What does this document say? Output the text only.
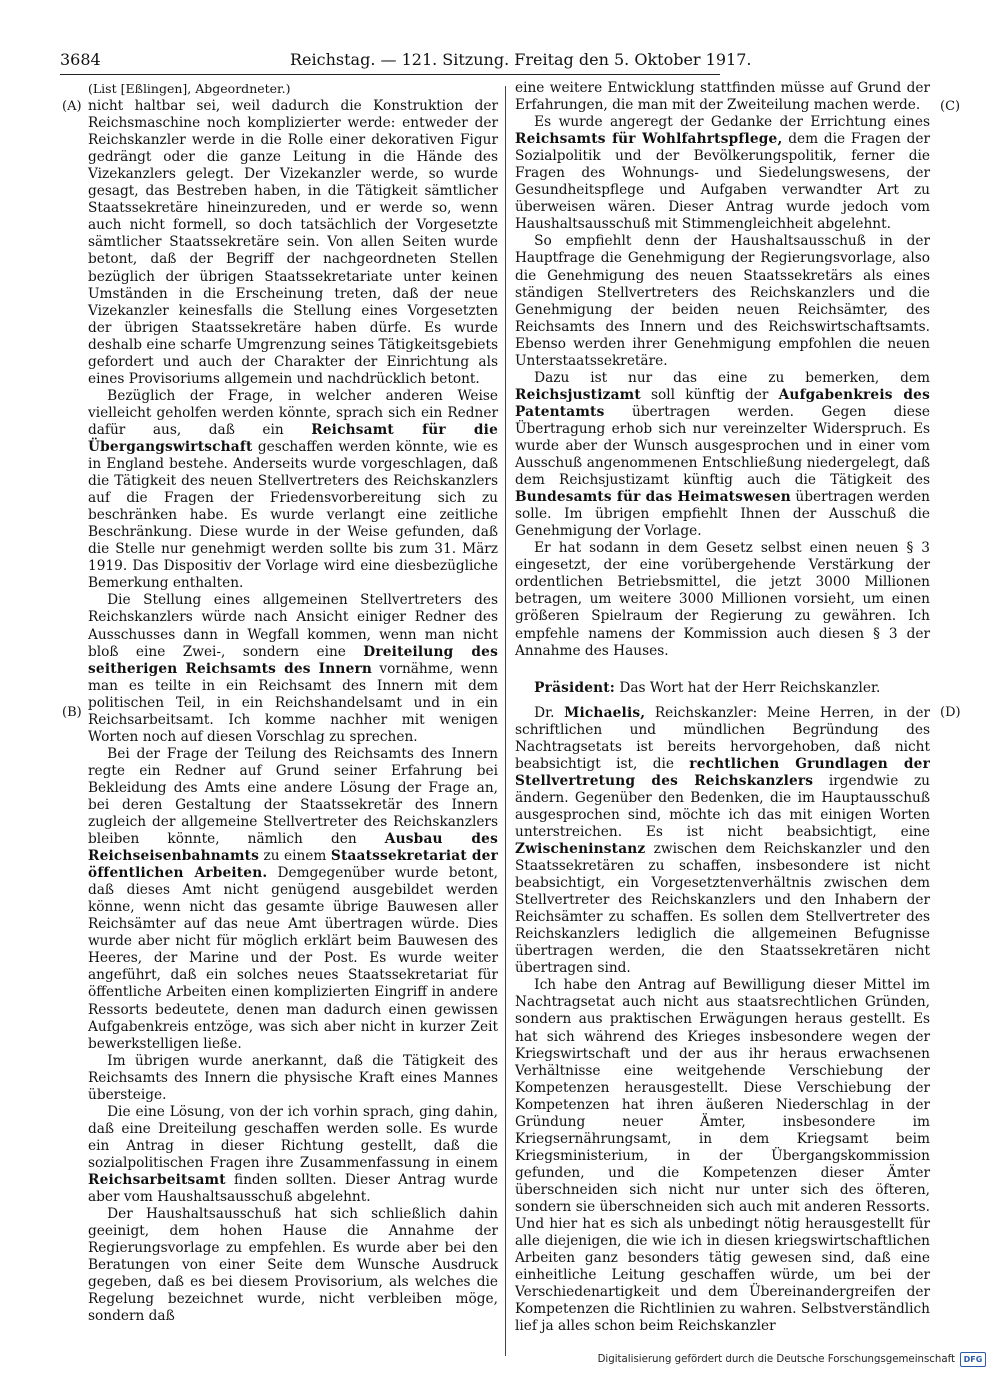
3684	Reichstag. — 121. Sitzung. Freitag den 5. Oktober 1917.
(A)
(B)
(C)
(D)

(List [Eßlingen], Abgeordneter.)

nicht haltbar sei, weil dadurch die Konstruktion der Reichsmaschine noch komplizierter werde: entweder der Reichskanzler werde in die Rolle einer dekorativen Figur gedrängt oder die ganze Leitung in die Hände des Vizekanzlers gelegt. Der Vizekanzler werde, so wurde gesagt, das Bestreben haben, in die Tätigkeit sämtlicher Staatssekretäre hineinzureden, und er werde so, wenn auch nicht formell, so doch tatsächlich der Vorgesetzte sämtlicher Staatssekretäre sein. Von allen Seiten wurde betont, daß der Begriff der nachgeordneten Stellen bezüglich der übrigen Staatssekretariate unter keinen Umständen in die Erscheinung treten, daß der neue Vizekanzler keinesfalls die Stellung eines Vorgesetzten der übrigen Staatssekretäre haben dürfe. Es wurde deshalb eine scharfe Umgrenzung seines Tätigkeitsgebiets gefordert und auch der Charakter der Einrichtung als eines Provisoriums allgemein und nachdrücklich betont.

Bezüglich der Frage, in welcher anderen Weise vielleicht geholfen werden könnte, sprach sich ein Redner dafür aus, daß ein Reichsamt für die Übergangswirtschaft geschaffen werden könnte, wie es in England bestehe. Anderseits wurde vorgeschlagen, daß die Tätigkeit des neuen Stellvertreters des Reichskanzlers auf die Fragen der Friedensvorbereitung sich zu beschränken habe. Es wurde verlangt eine zeitliche Beschränkung. Diese wurde in der Weise gefunden, daß die Stelle nur genehmigt werden sollte bis zum 31. März 1919. Das Dispositiv der Vorlage wird eine diesbezügliche Bemerkung enthalten.

Die Stellung eines allgemeinen Stellvertreters des Reichskanzlers würde nach Ansicht einiger Redner des Ausschusses dann in Wegfall kommen, wenn man nicht bloß eine Zwei-, sondern eine Dreiteilung des seitherigen Reichsamts des Innern vornähme, wenn man es teilte in ein Reichsamt des Innern mit dem politischen Teil, in ein Reichshandelsamt und in ein Reichsarbeitsamt. Ich komme nachher mit wenigen Worten noch auf diesen Vorschlag zu sprechen.

Bei der Frage der Teilung des Reichsamts des Innern regte ein Redner auf Grund seiner Erfahrung bei Bekleidung des Amts eine andere Lösung der Frage an, bei deren Gestaltung der Staatssekretär des Innern zugleich der allgemeine Stellvertreter des Reichskanzlers bleiben könnte, nämlich den Ausbau des Reichseisenbahnamts zu einem Staatssekretariat der öffentlichen Arbeiten. Demgegenüber wurde betont, daß dieses Amt nicht genügend ausgebildet werden könne, wenn nicht das gesamte übrige Bauwesen aller Reichsämter auf das neue Amt übertragen würde. Dies wurde aber nicht für möglich erklärt beim Bauwesen des Heeres, der Marine und der Post. Es wurde weiter angeführt, daß ein solches neues Staatssekretariat für öffentliche Arbeiten einen komplizierten Eingriff in andere Ressorts bedeutete, denen man dadurch einen gewissen Aufgabenkreis entzöge, was sich aber nicht in kurzer Zeit bewerkstelligen ließe.

Im übrigen wurde anerkannt, daß die Tätigkeit des Reichsamts des Innern die physische Kraft eines Mannes übersteige.

Die eine Lösung, von der ich vorhin sprach, ging dahin, daß eine Dreiteilung geschaffen werden solle. Es wurde ein Antrag in dieser Richtung gestellt, daß die sozialpolitischen Fragen ihre Zusammenfassung in einem Reichsarbeitsamt finden sollten. Dieser Antrag wurde aber vom Haushaltsausschuß abgelehnt.

Der Haushaltsausschuß hat sich schließlich dahin geeinigt, dem hohen Hause die Annahme der Regierungsvorlage zu empfehlen. Es wurde aber bei den Beratungen von einer Seite dem Wunsche Ausdruck gegeben, daß es bei diesem Provisorium, als welches die Regelung bezeichnet wurde, nicht verbleiben möge, sondern daß

eine weitere Entwicklung stattfinden müsse auf Grund der Erfahrungen, die man mit der Zweiteilung machen werde.

Es wurde angeregt der Gedanke der Errichtung eines Reichsamts für Wohlfahrtspflege, dem die Fragen der Sozialpolitik und der Bevölkerungspolitik, ferner die Fragen des Wohnungs- und Siedelungswesens, der Gesundheitspflege und Aufgaben verwandter Art zu überweisen wären. Dieser Antrag wurde jedoch vom Haushaltsausschuß mit Stimmengleichheit abgelehnt.

So empfiehlt denn der Haushaltsausschuß in der Hauptfrage die Genehmigung der Regierungsvorlage, also die Genehmigung des neuen Staatssekretärs als eines ständigen Stellvertreters des Reichskanzlers und die Genehmigung der beiden neuen Reichsämter, des Reichsamts des Innern und des Reichswirtschaftsamts. Ebenso werden ihrer Genehmigung empfohlen die neuen Unterstaatssekretäre.

Dazu ist nur das eine zu bemerken, dem Reichsjustizamt soll künftig der Aufgabenkreis des Patentamts übertragen werden. Gegen diese Übertragung erhob sich nur vereinzelter Widerspruch. Es wurde aber der Wunsch ausgesprochen und in einer vom Ausschuß angenommenen Entschließung niedergelegt, daß dem Reichsjustizamt künftig auch die Tätigkeit des Bundesamts für das Heimatswesen übertragen werden solle. Im übrigen empfiehlt Ihnen der Ausschuß die Genehmigung der Vorlage.

Er hat sodann in dem Gesetz selbst einen neuen § 3 eingesetzt, der eine vorübergehende Verstärkung der ordentlichen Betriebsmittel, die jetzt 3000 Millionen betragen, um weitere 3000 Millionen vorsieht, um einen größeren Spielraum der Regierung zu gewähren. Ich empfehle namens der Kommission auch diesen § 3 der Annahme des Hauses.

Präsident: Das Wort hat der Herr Reichskanzler.

Dr. Michaelis, Reichskanzler: Meine Herren, in der schriftlichen und mündlichen Begründung des Nachtragsetats ist bereits hervorgehoben, daß nicht beabsichtigt ist, die rechtlichen Grundlagen der Stellvertretung des Reichskanzlers irgendwie zu ändern. Gegenüber den Bedenken, die im Hauptausschuß ausgesprochen sind, möchte ich das mit einigen Worten unterstreichen. Es ist nicht beabsichtigt, eine Zwischeninstanz zwischen dem Reichskanzler und den Staatssekretären zu schaffen, insbesondere ist nicht beabsichtigt, ein Vorgesetztenverhältnis zwischen dem Stellvertreter des Reichskanzlers und den Inhabern der Reichsämter zu schaffen. Es sollen dem Stellvertreter des Reichskanzlers lediglich die allgemeinen Befugnisse übertragen werden, die den Staatssekretären nicht übertragen sind.

Ich habe den Antrag auf Bewilligung dieser Mittel im Nachtragsetat auch nicht aus staatsrechtlichen Gründen, sondern aus praktischen Erwägungen heraus gestellt. Es hat sich während des Krieges insbesondere wegen der Kriegswirtschaft und der aus ihr heraus erwachsenen Verhältnisse eine weitgehende Verschiebung der Kompetenzen herausgestellt. Diese Verschiebung der Kompetenzen hat ihren äußeren Niederschlag in der Gründung neuer Ämter, insbesondere im Kriegsernährungsamt, in dem Kriegsamt beim Kriegsministerium, in der Übergangskommission gefunden, und die Kompetenzen dieser Ämter überschneiden sich nicht nur unter sich des öfteren, sondern sie überschneiden sich auch mit anderen Ressorts. Und hier hat es sich als unbedingt nötig herausgestellt für alle diejenigen, die wie ich in diesen kriegswirtschaftlichen Arbeiten ganz besonders tätig gewesen sind, daß eine einheitliche Leitung geschaffen würde, um bei der Verschiedenartigkeit und dem Übereinandergreifen der Kompetenzen die Richtlinien zu wahren. Selbstverständlich lief ja alles schon beim Reichskanzler

Digitalisierung gefördert durch die Deutsche Forschungsgemeinschaft	DFG
